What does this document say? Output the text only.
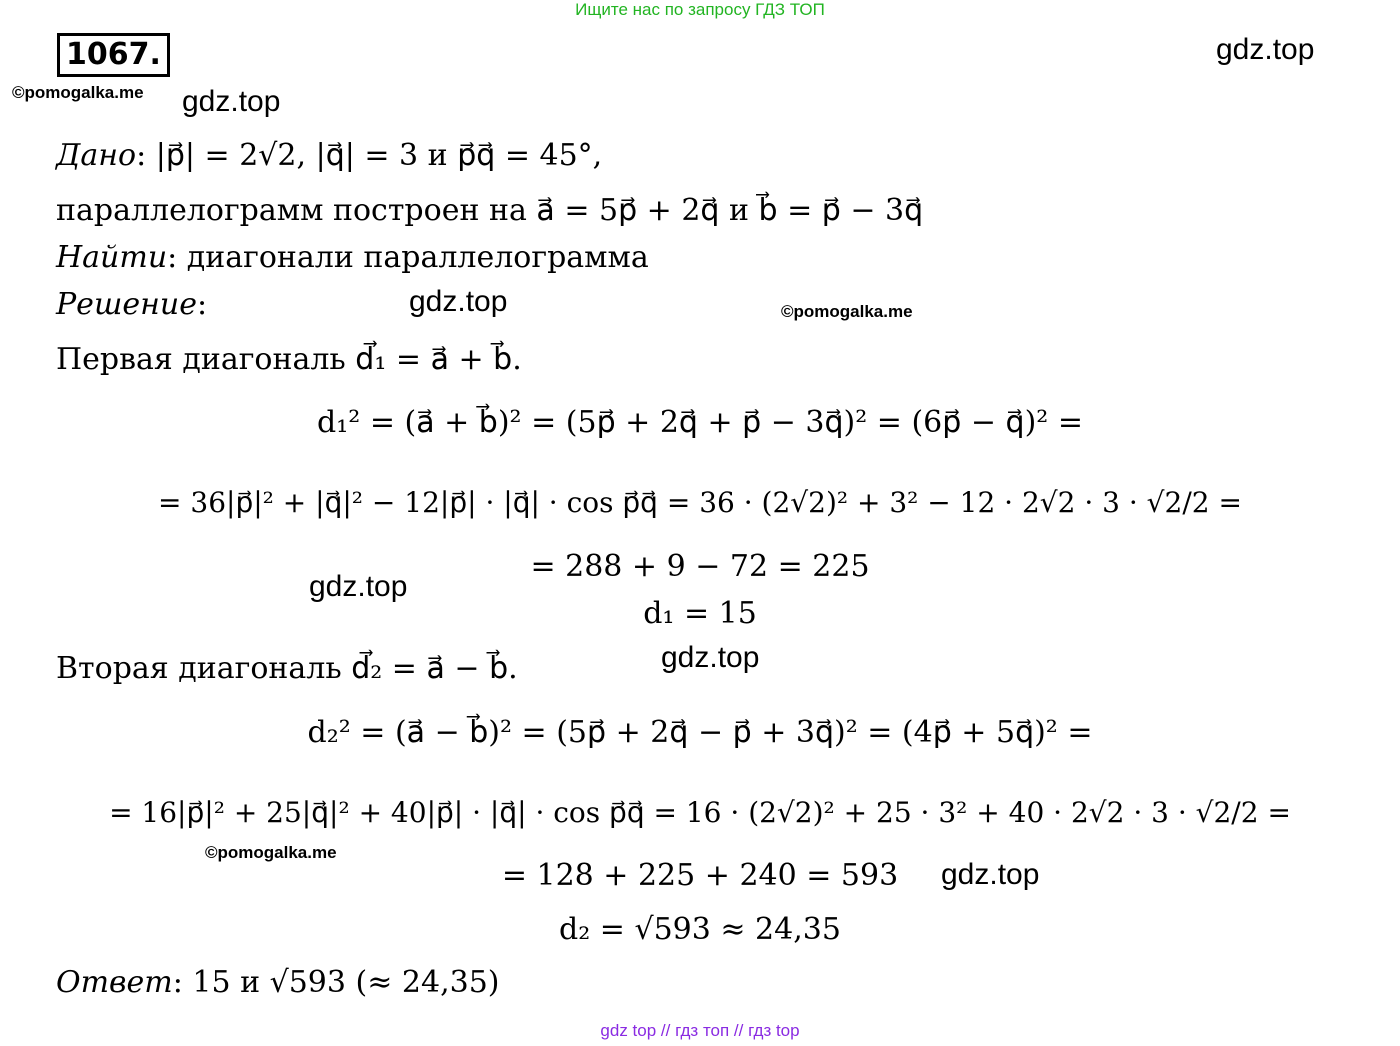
Ищите нас по запросу ГДЗ ТОП
1067.	gdz.top
©pomogalka.me gdz.top
Дано: |p⃗| = 2√2, |q⃗| = 3 и p⃗q⃗ = 45°,
параллелограмм построен на a⃗ = 5p⃗ + 2q⃗ и b⃗ = p⃗ − 3q⃗
Найти: диагонали параллелограмма
Решение:	gdz.top	©pomogalka.me
Первая диагональ d⃗₁ = a⃗ + b⃗.
d₁² = (a⃗ + b⃗)² = (5p⃗ + 2q⃗ + p⃗ − 3q⃗)² = (6p⃗ − q⃗)² =
= 36|p⃗|² + |q⃗|² − 12|p⃗| · |q⃗| · cos p⃗q⃗ = 36 · (2√2)² + 3² − 12 · 2√2 · 3 · √2/2 =
= 288 + 9 − 72 = 225
gdz.top
d₁ = 15
Вторая диагональ d⃗₂ = a⃗ − b⃗.	gdz.top
d₂² = (a⃗ − b⃗)² = (5p⃗ + 2q⃗ − p⃗ + 3q⃗)² = (4p⃗ + 5q⃗)² =
= 16|p⃗|² + 25|q⃗|² + 40|p⃗| · |q⃗| · cos p⃗q⃗ = 16 · (2√2)² + 25 · 3² + 40 · 2√2 · 3 · √2/2 =
©pomogalka.me
= 128 + 225 + 240 = 593	gdz.top
d₂ = √593 ≈ 24,35
Ответ: 15 и √593 (≈ 24,35)
gdz top // гдз топ // гдз top
